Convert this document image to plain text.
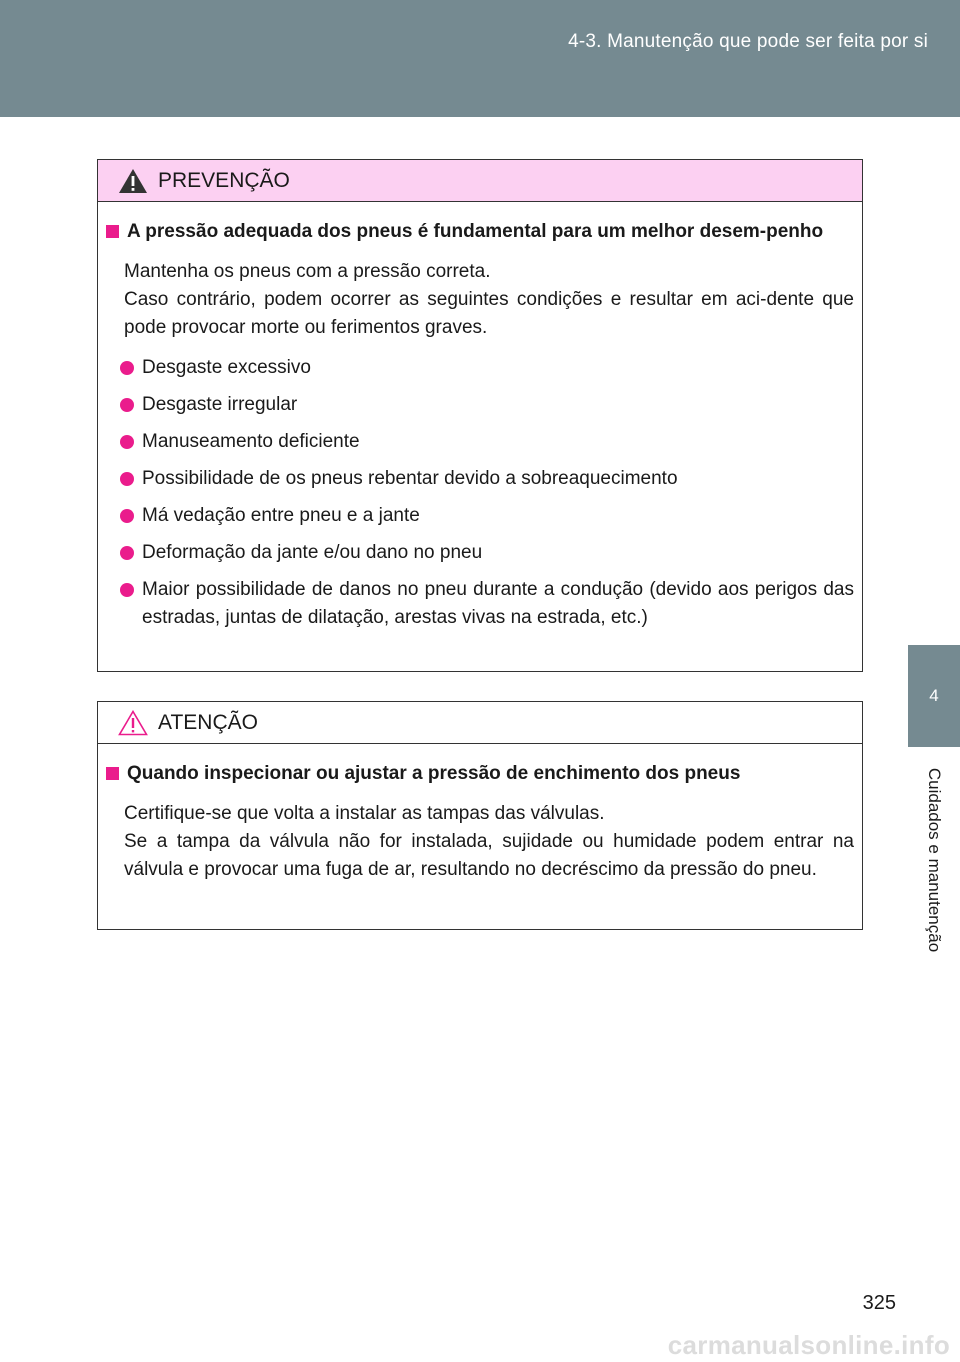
4-3. Manutenção que pode ser feita por si
4
Cuidados e manutenção
PREVENÇÃO
A pressão adequada dos pneus é fundamental para um melhor desem-penho
Mantenha os pneus com a pressão correta.
Caso contrário, podem ocorrer as seguintes condições e resultar em aci-dente que pode provocar morte ou ferimentos graves.
Desgaste excessivo
Desgaste irregular
Manuseamento deficiente
Possibilidade de os pneus rebentar devido a sobreaquecimento
Má vedação entre pneu e a jante
Deformação da jante e/ou dano no pneu
Maior possibilidade de danos no pneu durante a condução (devido aos perigos das estradas, juntas de dilatação, arestas vivas na estrada, etc.)
ATENÇÃO
Quando inspecionar ou ajustar a pressão de enchimento dos pneus
Certifique-se que volta a instalar as tampas das válvulas.
Se a tampa da válvula não for instalada, sujidade ou humidade podem entrar na válvula e provocar uma fuga de ar, resultando no decréscimo da pressão do pneu.
325
carmanualsonline.info
